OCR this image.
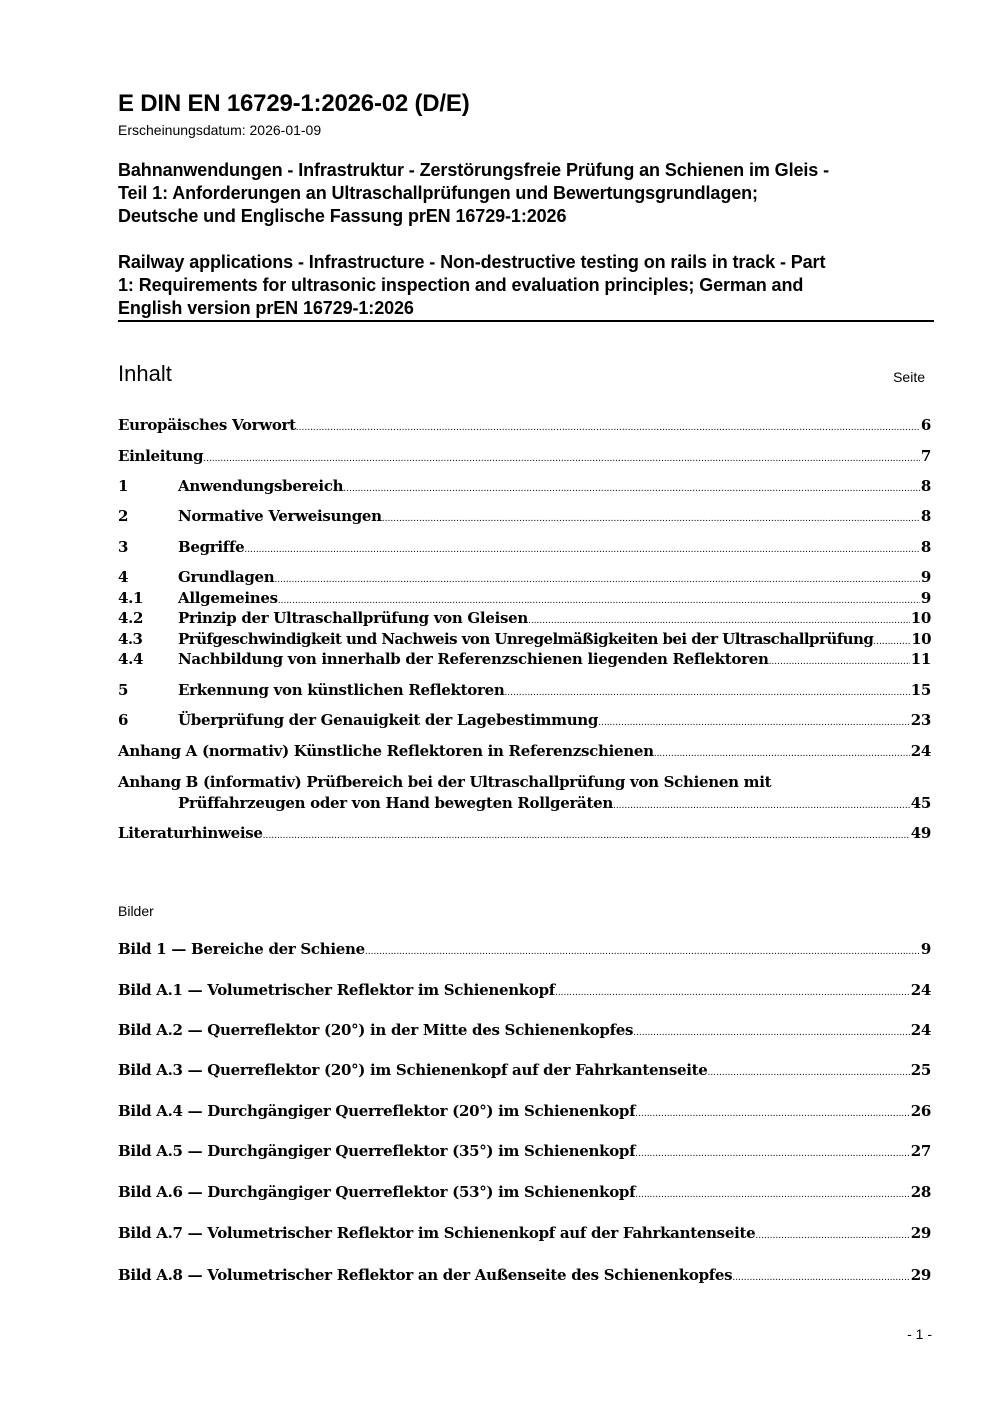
E DIN EN 16729-1:2026-02 (D/E)
Erscheinungsdatum: 2026-01-09
Bahnanwendungen - Infrastruktur - Zerstörungsfreie Prüfung an Schienen im Gleis -
Teil 1: Anforderungen an Ultraschallprüfungen und Bewertungsgrundlagen;
Deutsche und Englische Fassung prEN 16729-1:2026
Railway applications - Infrastructure - Non-destructive testing on rails in track - Part
1: Requirements for ultrasonic inspection and evaluation principles; German and
English version prEN 16729-1:2026
Inhalt	Seite
Europäisches Vorwort .....	6
Einleitung .....	7
1	Anwendungsbereich .....	8
2	Normative Verweisungen .....	8
3	Begriffe .....	8
4	Grundlagen .....	9
4.1	Allgemeines .....	9
4.2	Prinzip der Ultraschallprüfung von Gleisen .....	10
4.3	Prüfgeschwindigkeit und Nachweis von Unregelmäßigkeiten bei der Ultraschallprüfung .....	10
4.4	Nachbildung von innerhalb der Referenzschienen liegenden Reflektoren .....	11
5	Erkennung von künstlichen Reflektoren .....	15
6	Überprüfung der Genauigkeit der Lagebestimmung .....	23
Anhang A (normativ) Künstliche Reflektoren in Referenzschienen .....	24
Anhang B (informativ) Prüfbereich bei der Ultraschallprüfung von Schienen mit
Prüffahrzeugen oder von Hand bewegten Rollgeräten .....	45
Literaturhinweise .....	49
Bilder
Bild 1 — Bereiche der Schiene .....	9
Bild A.1 — Volumetrischer Reflektor im Schienenkopf .....	24
Bild A.2 — Querreflektor (20°) in der Mitte des Schienenkopfes .....	24
Bild A.3 — Querreflektor (20°) im Schienenkopf auf der Fahrkantenseite .....	25
Bild A.4 — Durchgängiger Querreflektor (20°) im Schienenkopf .....	26
Bild A.5 — Durchgängiger Querreflektor (35°) im Schienenkopf .....	27
Bild A.6 — Durchgängiger Querreflektor (53°) im Schienenkopf .....	28
Bild A.7 — Volumetrischer Reflektor im Schienenkopf auf der Fahrkantenseite .....	29
Bild A.8 — Volumetrischer Reflektor an der Außenseite des Schienenkopfes .....	29
- 1 -
